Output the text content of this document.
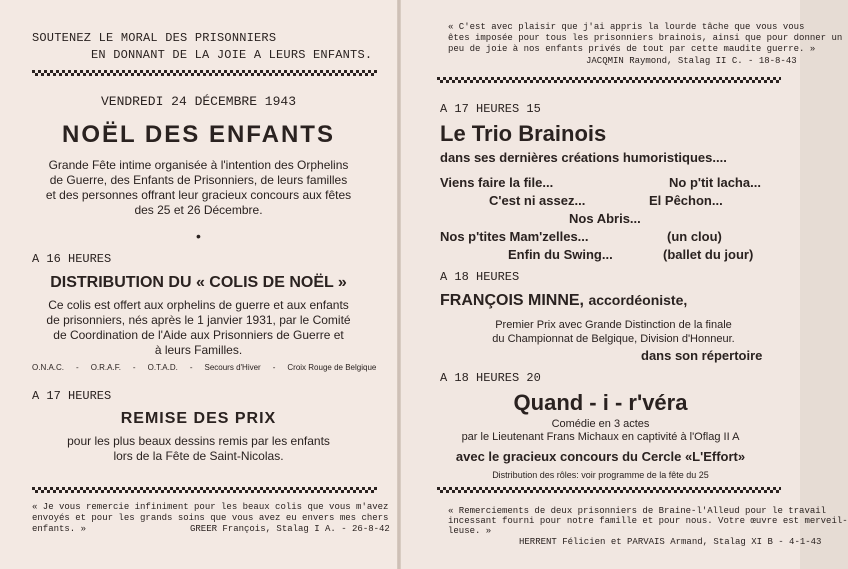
SOUTENEZ LE MORAL DES PRISONNIERS
EN DONNANT DE LA JOIE A LEURS ENFANTS.
VENDREDI 24 DÉCEMBRE 1943
NOËL DES ENFANTS
Grande Fête intime organisée à l'intention des Orphelins
de Guerre, des Enfants de Prisonniers, de leurs familles
et des personnes offrant leur gracieux concours aux fêtes
des 25 et 26 Décembre.
•
A 16 HEURES
DISTRIBUTION DU « COLIS DE NOËL »
Ce colis est offert aux orphelins de guerre et aux enfants
de prisonniers, nés après le 1 janvier 1931, par le Comité
de Coordination de l'Aide aux Prisonniers de Guerre et
à leurs Familles.
O.N.A.C. - O.R.A.F. - O.T.A.D. - Secours d'Hiver - Croix Rouge de Belgique
A 17 HEURES
REMISE DES PRIX
pour les plus beaux dessins remis par les enfants
lors de la Fête de Saint-Nicolas.
« Je vous remercie infiniment pour les beaux colis que vous m'avez
envoyés et pour les grands soins que vous avez eu envers mes chers
enfants. »	GREER François, Stalag I A. - 26-8-42
« C'est avec plaisir que j'ai appris la lourde tâche que vous vous
êtes imposée pour tous les prisonniers brainois, ainsi que pour donner un
peu de joie à nos enfants privés de tout par cette maudite guerre. »
JACQMIN Raymond, Stalag II C. - 18-8-43
A 17 HEURES 15
Le Trio Brainois
dans ses dernières créations humoristiques....
Viens faire la file...	No p'tit lacha...
C'est ni assez...	El Pêchon...
Nos Abris...
Nos p'tites Mam'zelles...	(un clou)
Enfin du Swing...	(ballet du jour)
A 18 HEURES
FRANÇOIS MINNE, accordéoniste,
Premier Prix avec Grande Distinction de la finale
du Championnat de Belgique, Division d'Honneur.
dans son répertoire
A 18 HEURES 20
Quand - i - r'véra
Comédie en 3 actes
par le Lieutenant Frans Michaux en captivité à l'Oflag II A
avec le gracieux concours du Cercle «L'Effort»
Distribution des rôles: voir programme de la fête du 25
« Remerciements de deux prisonniers de Braine-l'Alleud pour le travail
incessant fourni pour notre famille et pour nous. Votre œuvre est merveil-
leuse. »
HERRENT Félicien et PARVAIS Armand, Stalag XI B - 4-1-43
